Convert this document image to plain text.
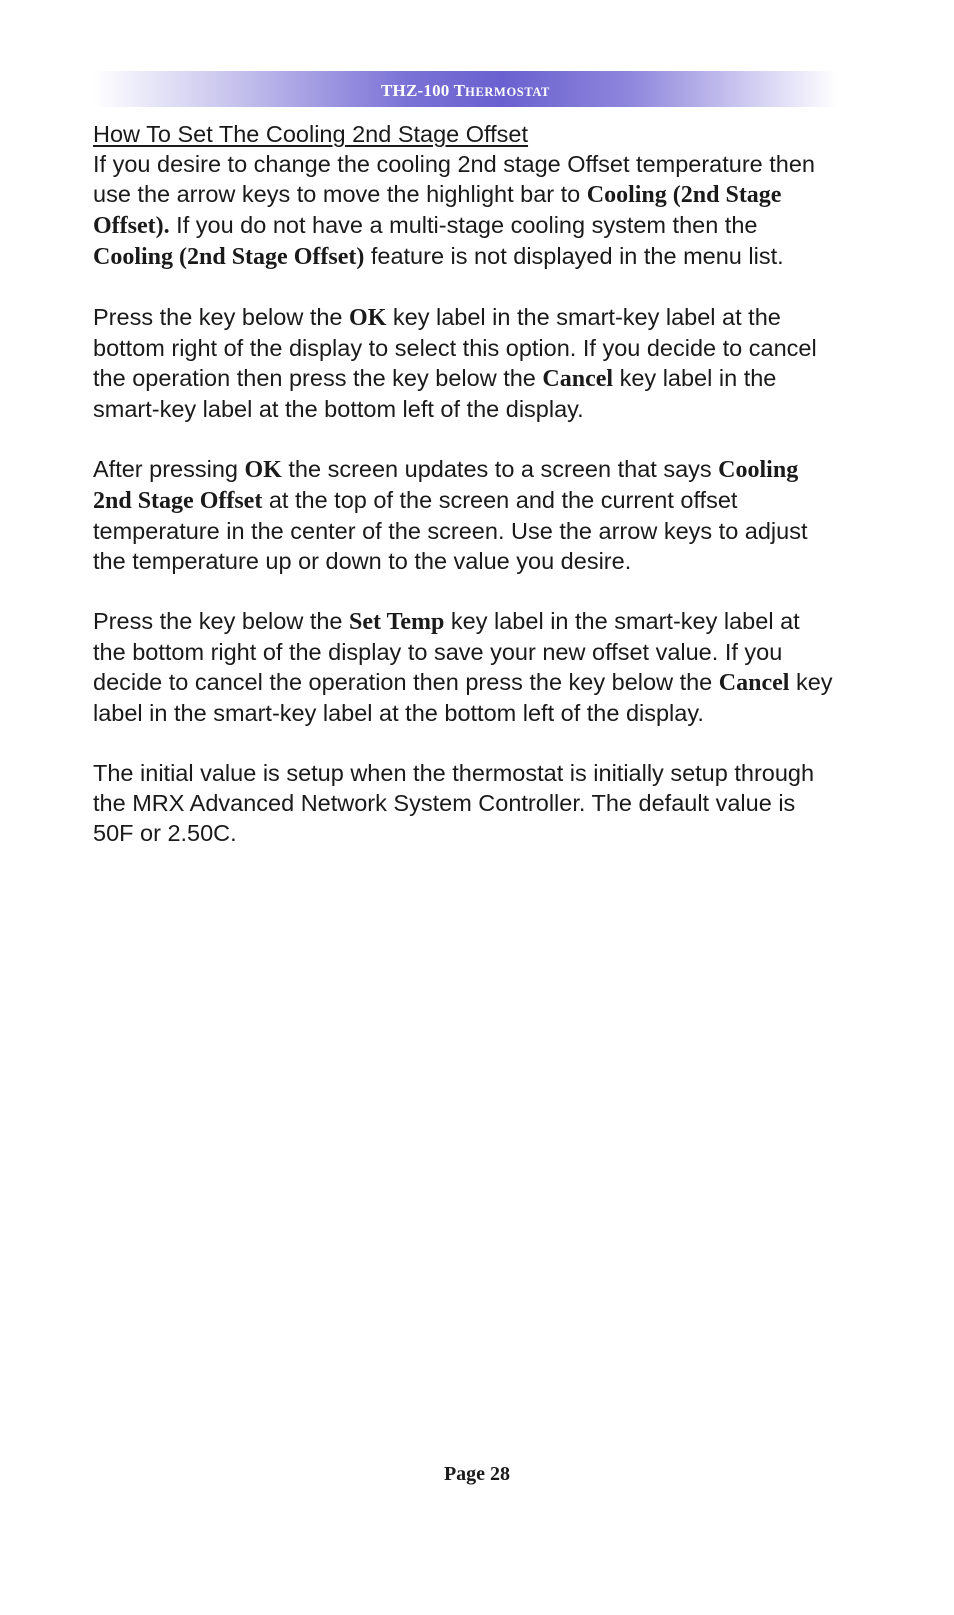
THZ-100 THERMOSTAT

How To Set The Cooling 2nd Stage Offset

If you desire to change the cooling 2nd stage Offset temperature then use the arrow keys to move the highlight bar to Cooling (2nd Stage Offset). If you do not have a multi-stage cooling system then the Cooling (2nd Stage Offset) feature is not displayed in the menu list.

Press the key below the OK key label in the smart-key label at the bottom right of the display to select this option. If you decide to cancel the operation then press the key below the Cancel key label in the smart-key label at the bottom left of the display.

After pressing OK the screen updates to a screen that says Cooling 2nd Stage Offset at the top of the screen and the current offset temperature in the center of the screen. Use the arrow keys to adjust the temperature up or down to the value you desire.

Press the key below the Set Temp key label in the smart-key label at the bottom right of the display to save your new offset value. If you decide to cancel the operation then press the key below the Cancel key label in the smart-key label at the bottom left of the display.

The initial value is setup when the thermostat is initially setup through the MRX Advanced Network System Controller. The default value is 50F or 2.50C.

Page 28
